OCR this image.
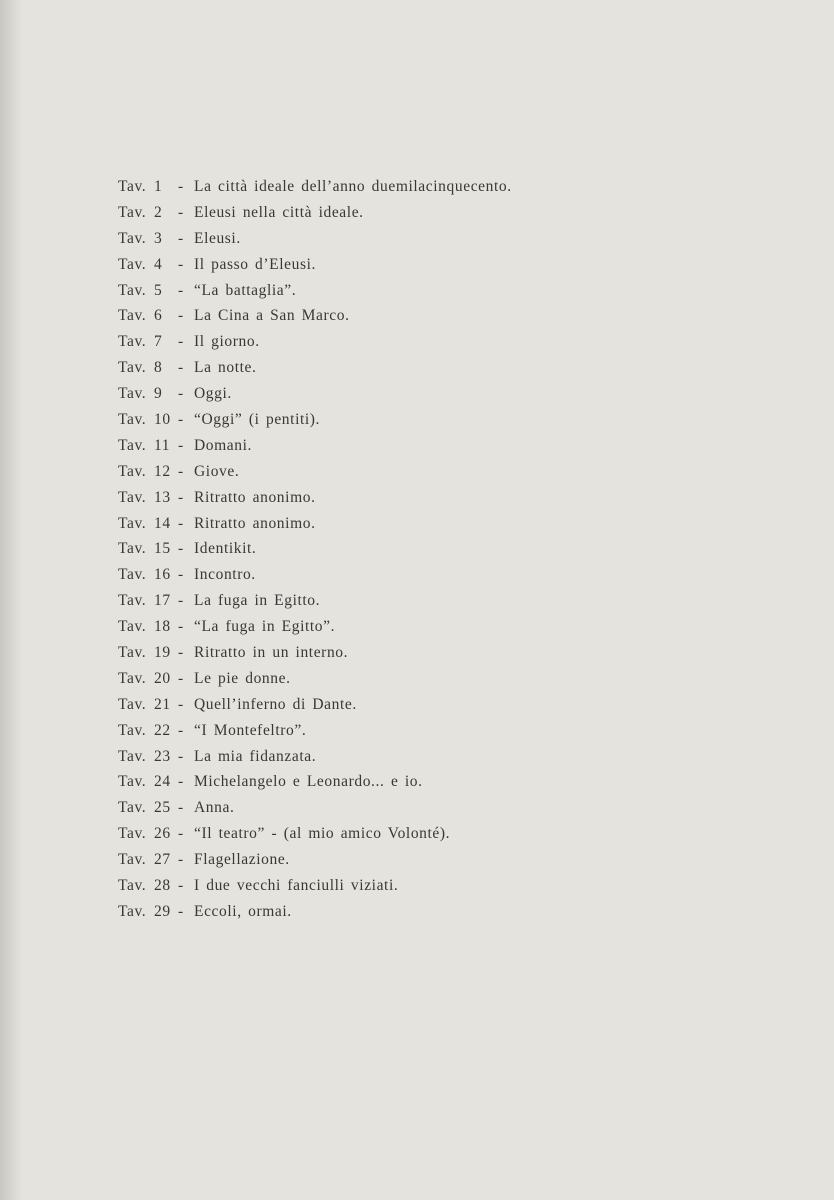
Tav. 1	- La città ideale dell’anno duemilacinquecento.
Tav. 2	- Eleusi nella città ideale.
Tav. 3	- Eleusi.
Tav. 4	- Il passo d’Eleusi.
Tav. 5	- “La battaglia”.
Tav. 6	- La Cina a San Marco.
Tav. 7	- Il giorno.
Tav. 8	- La notte.
Tav. 9	- Oggi.
Tav. 10 - “Oggi” (i pentiti).
Tav. 11 - Domani.
Tav. 12 - Giove.
Tav. 13 - Ritratto anonimo.
Tav. 14 - Ritratto anonimo.
Tav. 15 - Identikit.
Tav. 16 - Incontro.
Tav. 17 - La fuga in Egitto.
Tav. 18 - “La fuga in Egitto”.
Tav. 19 - Ritratto in un interno.
Tav. 20 - Le pie donne.
Tav. 21 - Quell’inferno di Dante.
Tav. 22 - “I Montefeltro”.
Tav. 23 - La mia fidanzata.
Tav. 24 - Michelangelo e Leonardo... e io.
Tav. 25 - Anna.
Tav. 26 - “Il teatro” - (al mio amico Volonté).
Tav. 27 - Flagellazione.
Tav. 28 - I due vecchi fanciulli viziati.
Tav. 29 - Eccoli, ormai.
